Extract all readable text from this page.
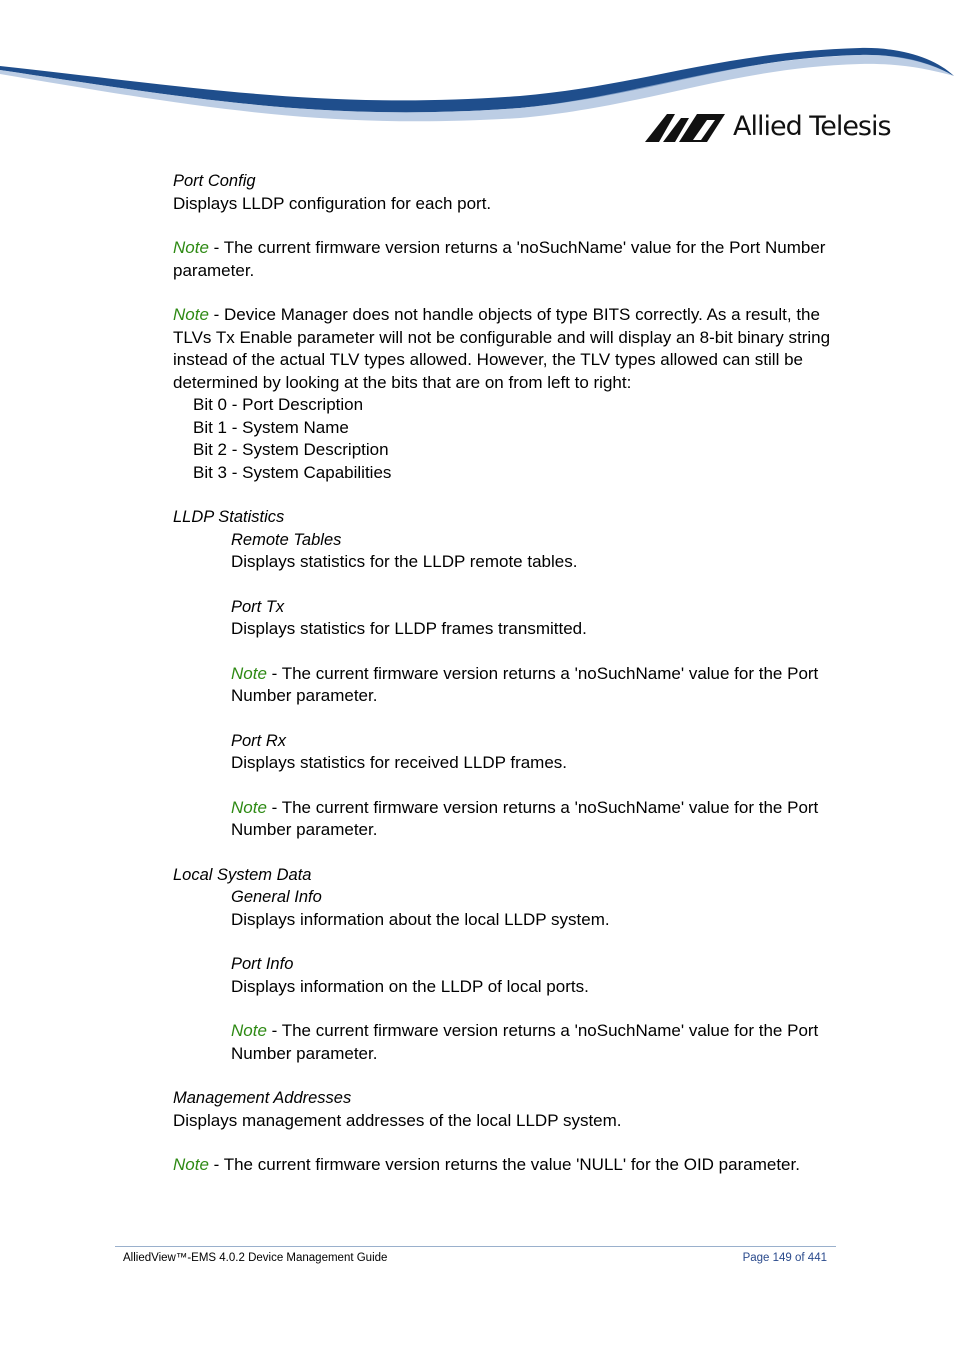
Allied Telesis

Port Config

Displays LLDP configuration for each port.

Note - The current firmware version returns a 'noSuchName' value for the Port Number parameter.

Note - Device Manager does not handle objects of type BITS correctly. As a result, the TLVs Tx Enable parameter will not be configurable and will display an 8-bit binary string instead of the actual TLV types allowed. However, the TLV types allowed can still be determined by looking at the bits that are on from left to right:

Bit 0 - Port Description

Bit 1 - System Name

Bit 2 - System Description

Bit 3 - System Capabilities

LLDP Statistics

Remote Tables

Displays statistics for the LLDP remote tables.

Port Tx

Displays statistics for LLDP frames transmitted.

Note - The current firmware version returns a 'noSuchName' value for the Port Number parameter.

Port Rx

Displays statistics for received LLDP frames.

Note - The current firmware version returns a 'noSuchName' value for the Port Number parameter.

Local System Data

General Info

Displays information about the local LLDP system.

Port Info

Displays information on the LLDP of local ports.

Note - The current firmware version returns a 'noSuchName' value for the Port Number parameter.

Management Addresses

Displays management addresses of the local LLDP system.

Note - The current firmware version returns the value 'NULL' for the OID parameter.

AlliedView™-EMS 4.0.2 Device Management Guide	Page 149 of 441
